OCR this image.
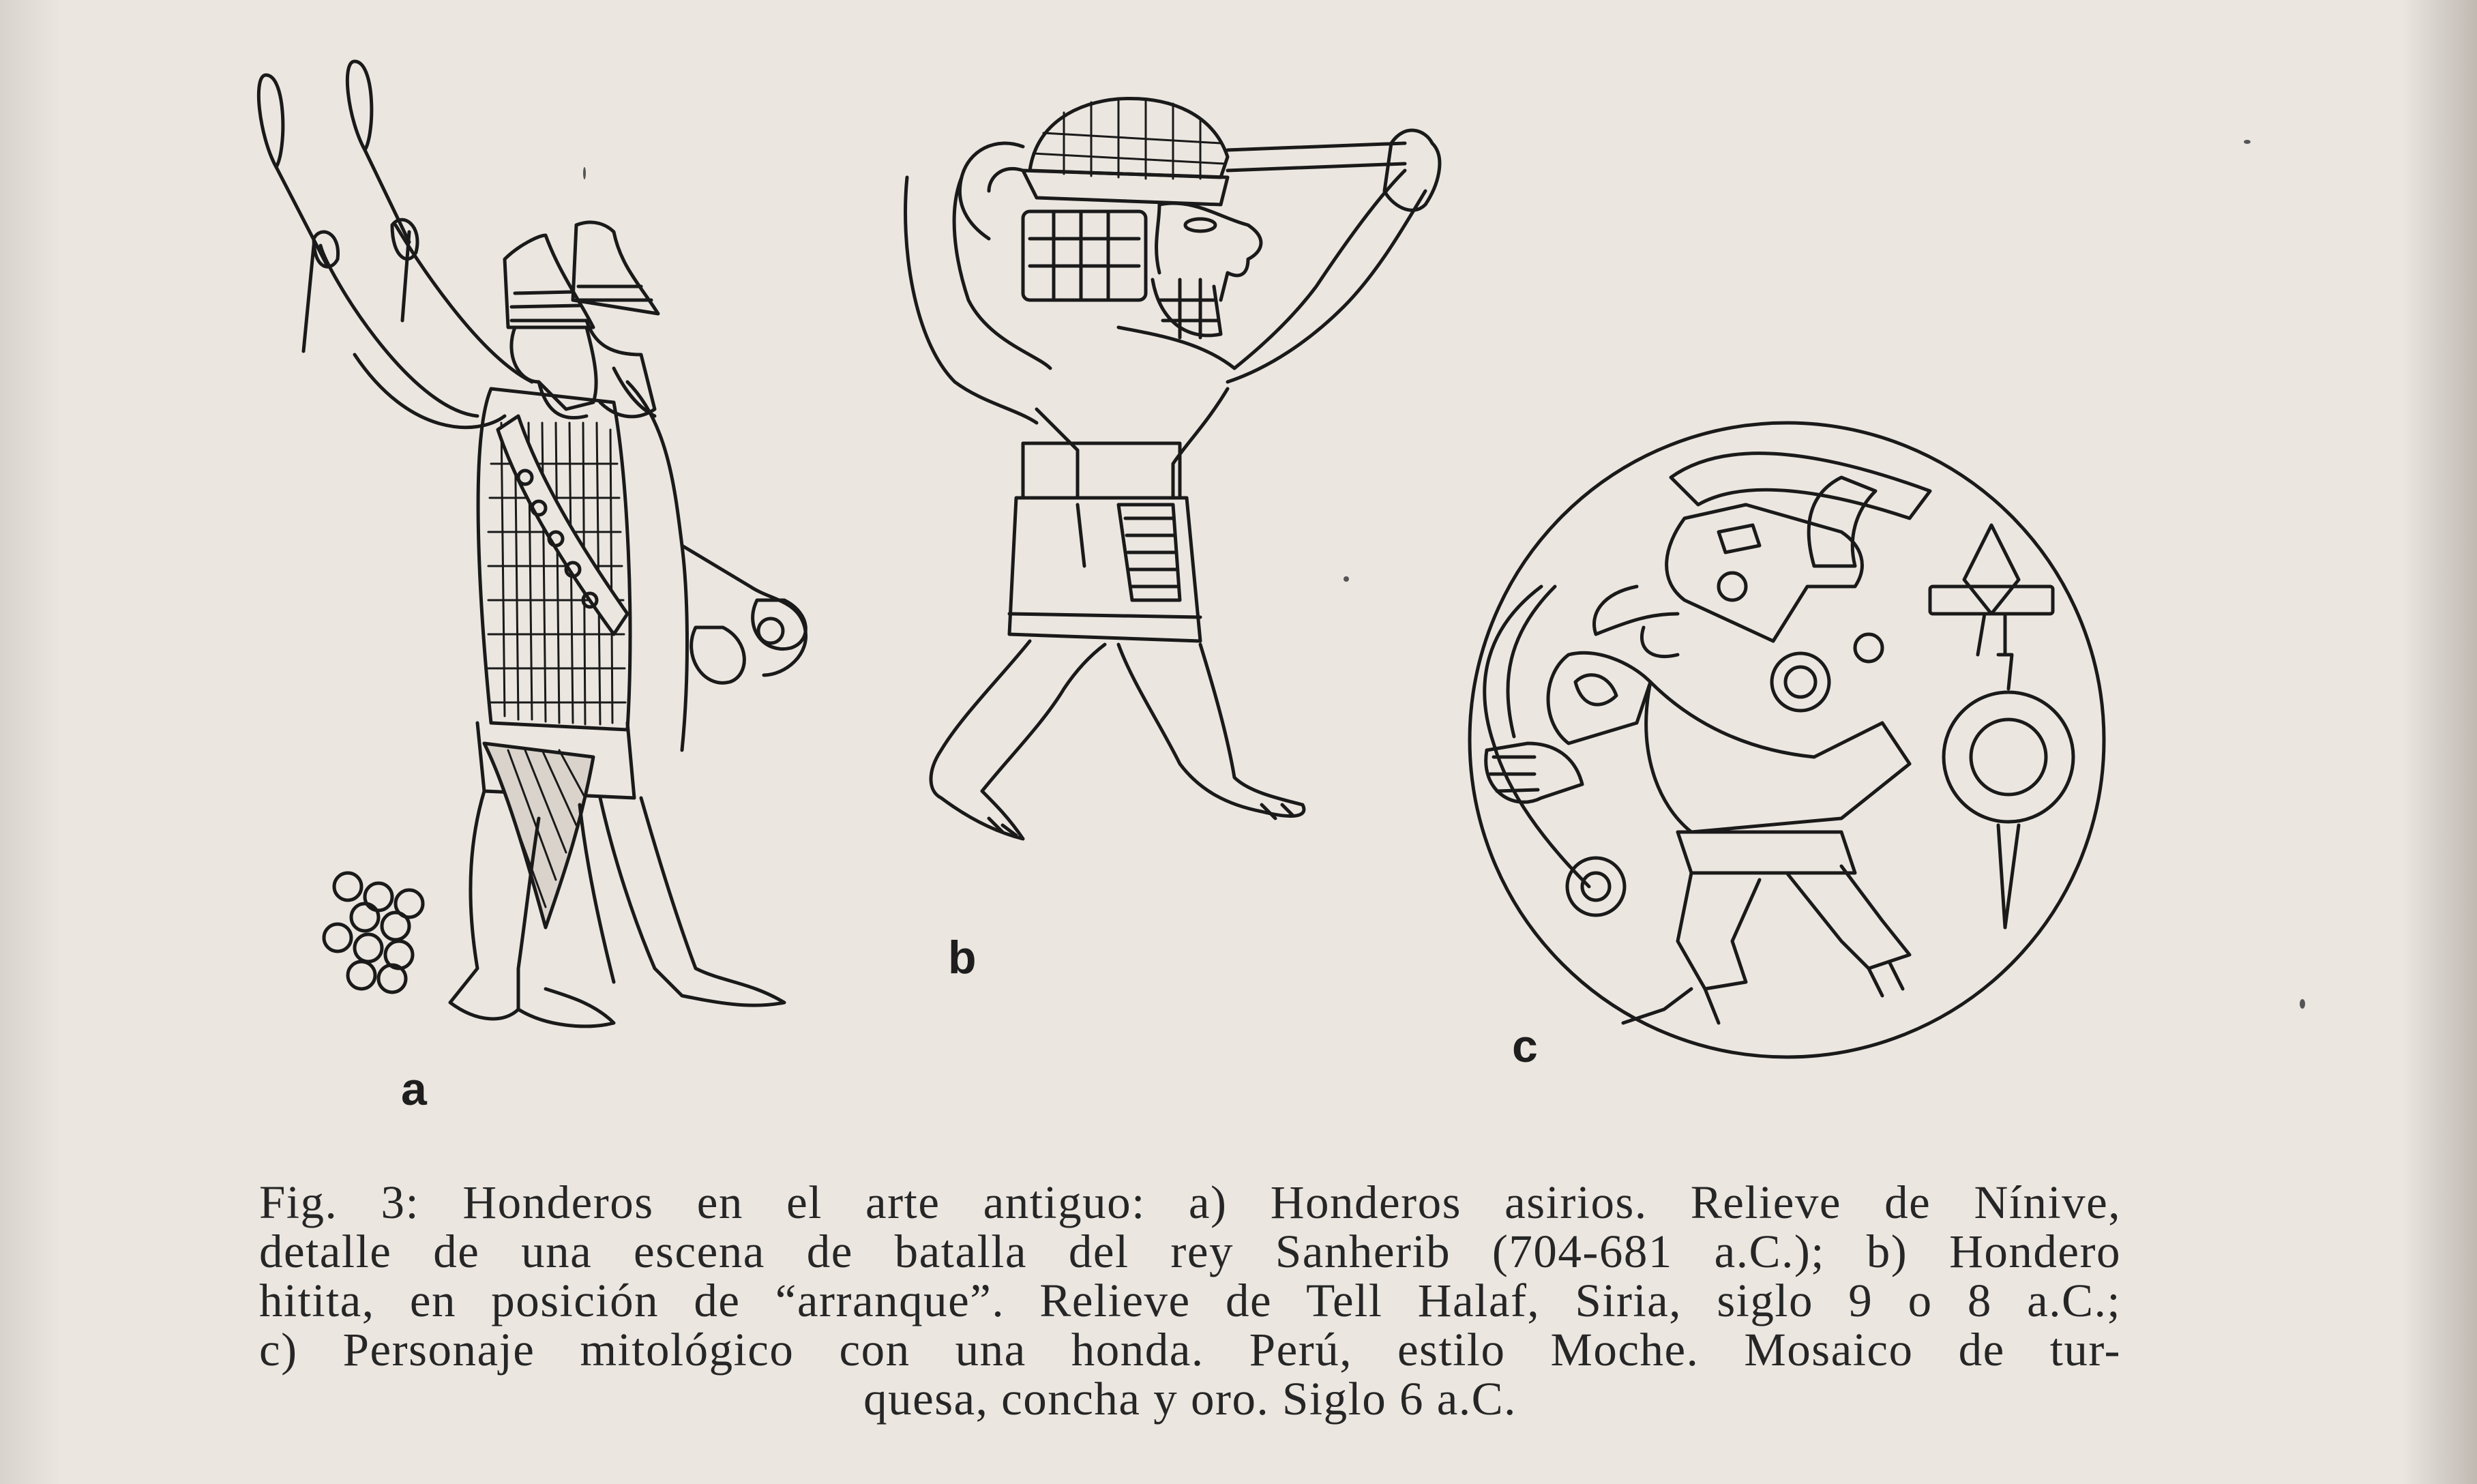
a
b
c
Fig. 3: Honderos en el arte antiguo: a) Honderos asirios. Relieve de Nínive,
detalle de una escena de batalla del rey Sanherib (704-681 a.C.); b) Hondero
hitita, en posición de “arranque”. Relieve de Tell Halaf, Siria, siglo 9 o 8 a.C.;
c) Personaje mitológico con una honda. Perú, estilo Moche. Mosaico de tur-
quesa, concha y oro. Siglo 6 a.C.
